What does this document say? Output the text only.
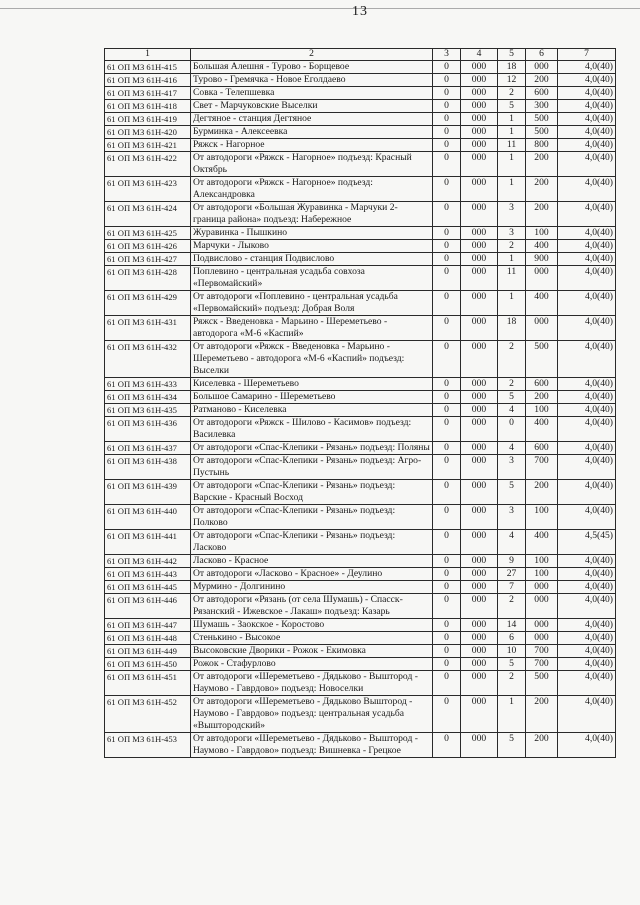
13
1	2	3	4	5	6	7
61 ОП МЗ 61Н-415	Большая Алешня - Турово - Борщевое	0	000	18	000	4,0(40)
61 ОП МЗ 61Н-416	Турово - Гремячка - Новое Еголдаево	0	000	12	200	4,0(40)
61 ОП МЗ 61Н-417	Совка - Телепшевка	0	000	2	600	4,0(40)
61 ОП МЗ 61Н-418	Свет - Марчуковские Выселки	0	000	5	300	4,0(40)
61 ОП МЗ 61Н-419	Дегтяное - станция Дегтяное	0	000	1	500	4,0(40)
61 ОП МЗ 61Н-420	Бурминка - Алексеевка	0	000	1	500	4,0(40)
61 ОП МЗ 61Н-421	Ряжск - Нагорное	0	000	11	800	4,0(40)
61 ОП МЗ 61Н-422	От автодороги «Ряжск - Нагорное» подъезд: Красный Октябрь	0	000	1	200	4,0(40)
61 ОП МЗ 61Н-423	От автодороги «Ряжск - Нагорное» подъезд: Александровка	0	000	1	200	4,0(40)
61 ОП МЗ 61Н-424	От автодороги «Большая Журавинка - Марчуки 2-граница района» подъезд: Набережное	0	000	3	200	4,0(40)
61 ОП МЗ 61Н-425	Журавинка - Пышкино	0	000	3	100	4,0(40)
61 ОП МЗ 61Н-426	Марчуки - Лыково	0	000	2	400	4,0(40)
61 ОП МЗ 61Н-427	Подвислово - станция Подвислово	0	000	1	900	4,0(40)
61 ОП МЗ 61Н-428	Поплевино - центральная усадьба совхоза «Первомайский»	0	000	11	000	4,0(40)
61 ОП МЗ 61Н-429	От автодороги «Поплевино - центральная усадьба «Первомайский» подъезд: Добрая Воля	0	000	1	400	4,0(40)
61 ОП МЗ 61Н-431	Ряжск - Введеновка - Марьино - Шереметьево - автодорога «М-6 «Каспий»	0	000	18	000	4,0(40)
61 ОП МЗ 61Н-432	От автодороги «Ряжск - Введеновка - Марьино - Шереметьево - автодорога «М-6 «Каспий» подъезд: Выселки	0	000	2	500	4,0(40)
61 ОП МЗ 61Н-433	Киселевка - Шереметьево	0	000	2	600	4,0(40)
61 ОП МЗ 61Н-434	Большое Самарино - Шереметьево	0	000	5	200	4,0(40)
61 ОП МЗ 61Н-435	Ратманово - Киселевка	0	000	4	100	4,0(40)
61 ОП МЗ 61Н-436	От автодороги «Ряжск - Шилово - Касимов» подъезд: Василевка	0	000	0	400	4,0(40)
61 ОП МЗ 61Н-437	От автодороги «Спас-Клепики - Рязань» подъезд: Поляны	0	000	4	600	4,0(40)
61 ОП МЗ 61Н-438	От автодороги «Спас-Клепики - Рязань» подъезд: Агро-Пустынь	0	000	3	700	4,0(40)
61 ОП МЗ 61Н-439	От автодороги «Спас-Клепики - Рязань» подъезд: Варские - Красный Восход	0	000	5	200	4,0(40)
61 ОП МЗ 61Н-440	От автодороги «Спас-Клепики - Рязань» подъезд: Полково	0	000	3	100	4,0(40)
61 ОП МЗ 61Н-441	От автодороги «Спас-Клепики - Рязань» подъезд: Ласково	0	000	4	400	4,5(45)
61 ОП МЗ 61Н-442	Ласково - Красное	0	000	9	100	4,0(40)
61 ОП МЗ 61Н-443	От автодороги «Ласково - Красное» - Деулино	0	000	27	100	4,0(40)
61 ОП МЗ 61Н-445	Мурмино - Долгинино	0	000	7	000	4,0(40)
61 ОП МЗ 61Н-446	От автодороги «Рязань (от села Шумашь) - Спасск-Рязанский - Ижевское - Лакаш» подъезд: Казарь	0	000	2	000	4,0(40)
61 ОП МЗ 61Н-447	Шумашь - Заокское - Коростово	0	000	14	000	4,0(40)
61 ОП МЗ 61Н-448	Стенькино - Высокое	0	000	6	000	4,0(40)
61 ОП МЗ 61Н-449	Высоковские Дворики - Рожок - Екимовка	0	000	10	700	4,0(40)
61 ОП МЗ 61Н-450	Рожок - Стафурлово	0	000	5	700	4,0(40)
61 ОП МЗ 61Н-451	От автодороги «Шереметьево - Дядьково - Выштород - Наумово - Гаврдово» подъезд: Новоселки	0	000	2	500	4,0(40)
61 ОП МЗ 61Н-452	От автодороги «Шереметьево - Дядьково Выштород - Наумово - Гаврдово» подъезд: центральная усадьба «Выштородский»	0	000	1	200	4,0(40)
61 ОП МЗ 61Н-453	От автодороги «Шереметьево - Дядьково - Выштород - Наумово - Гаврдово» подъезд: Вишневка - Грецкое	0	000	5	200	4,0(40)
